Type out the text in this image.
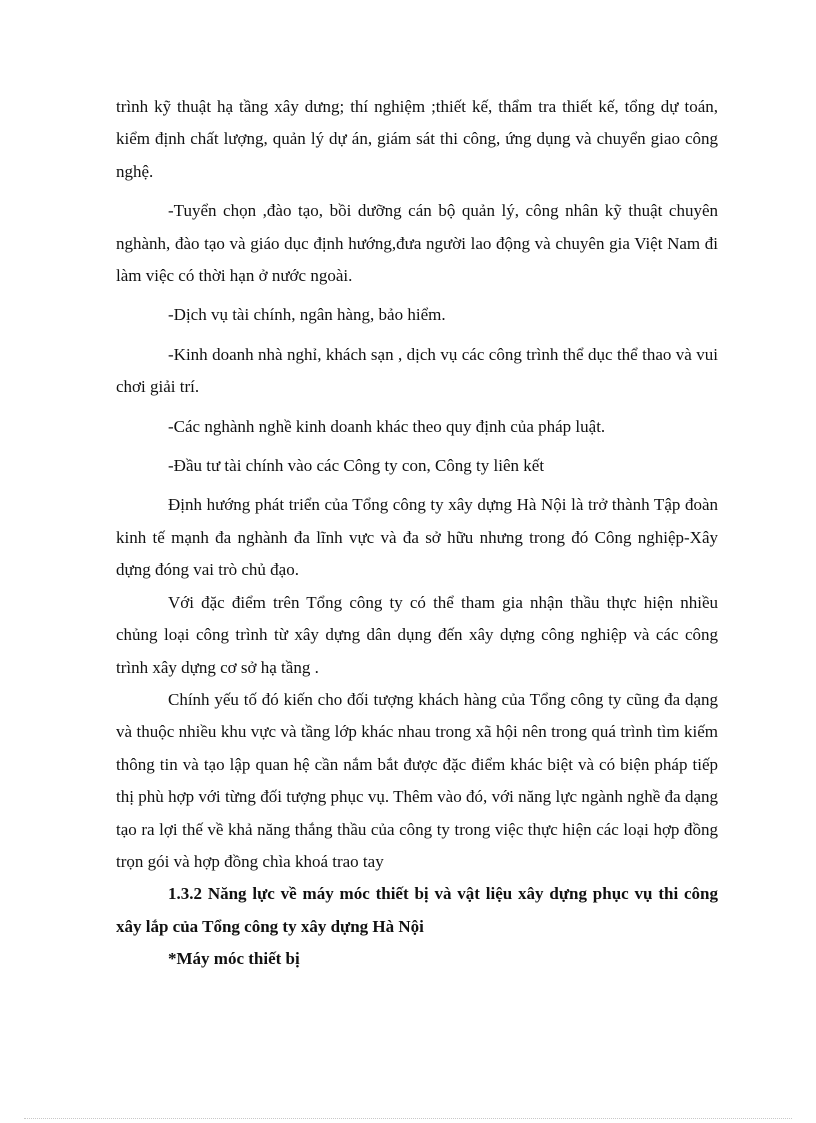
trình kỹ thuật hạ tầng xây dưng; thí nghiệm ;thiết kế, thẩm tra thiết kế, tổng dự toán, kiểm định chất lượng, quản lý dự án, giám sát thi công, ứng dụng và chuyển giao công nghệ.

-Tuyển chọn ,đào tạo, bồi dưỡng cán bộ quản lý, công nhân kỹ thuật chuyên nghành, đào tạo và giáo dục định hướng,đưa người lao động và chuyên gia Việt Nam đi làm việc có thời hạn ở nước ngoài.

-Dịch vụ tài chính, ngân hàng, bảo hiểm.

-Kinh doanh nhà nghỉ, khách sạn , dịch vụ các công trình thể dục thể thao và vui chơi giải trí.

-Các nghành nghề kinh doanh khác theo quy định của pháp luật.

-Đầu tư tài chính vào các Công ty con, Công ty liên kết

Định hướng phát triển của Tổng công ty xây dựng Hà Nội là trở thành Tập đoàn kinh tế mạnh đa nghành đa lĩnh vực và đa sở hữu nhưng trong đó Công nghiệp-Xây dựng đóng vai trò chủ đạo.

Với đặc điểm trên Tổng công ty có thể tham gia nhận thầu thực hiện nhiều chủng loại công trình từ xây dựng dân dụng đến xây dựng công nghiệp và các công trình xây dựng cơ sở hạ tầng .

Chính yếu tố đó kiến cho đối tượng khách hàng của Tổng công ty cũng đa dạng và thuộc nhiều khu vực và tầng lớp khác nhau trong xã hội nên trong quá trình tìm kiếm thông tin và tạo lập quan hệ cần nắm bắt được đặc điểm khác biệt và có biện pháp tiếp thị phù hợp với từng đối tượng phục vụ. Thêm vào đó, với năng lực ngành nghề đa dạng tạo ra lợi thế về khả năng thắng thầu của công ty trong việc thực hiện các loại hợp đồng trọn gói và hợp đồng chìa khoá trao tay

1.3.2 Năng lực về máy móc thiết bị và vật liệu xây dựng phục vụ thi công xây lắp của Tổng công ty xây dựng Hà Nội

*Máy móc thiết bị
